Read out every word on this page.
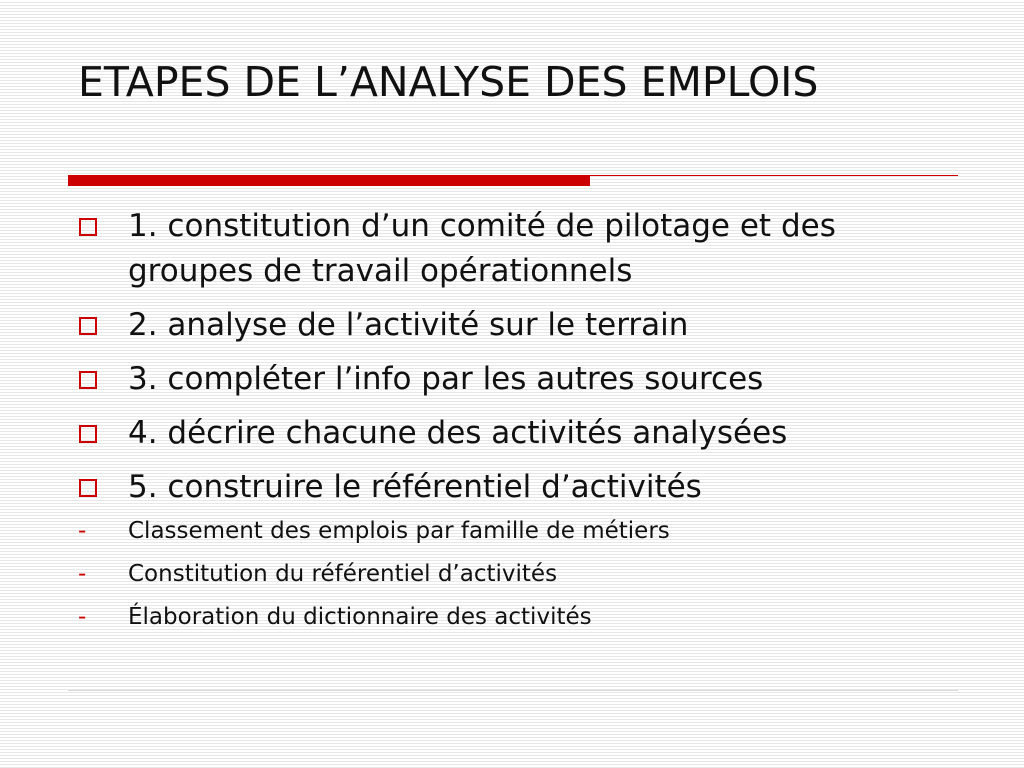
ETAPES DE L’ANALYSE DES EMPLOIS
1. constitution d’un comité de pilotage et des groupes de travail opérationnels
2. analyse de l’activité sur le terrain
3. compléter l’info par les autres sources
4. décrire chacune des activités analysées
5. construire le référentiel d’activités
- Classement des emplois par famille de métiers
- Constitution du référentiel d’activités
- Élaboration du dictionnaire des activités
